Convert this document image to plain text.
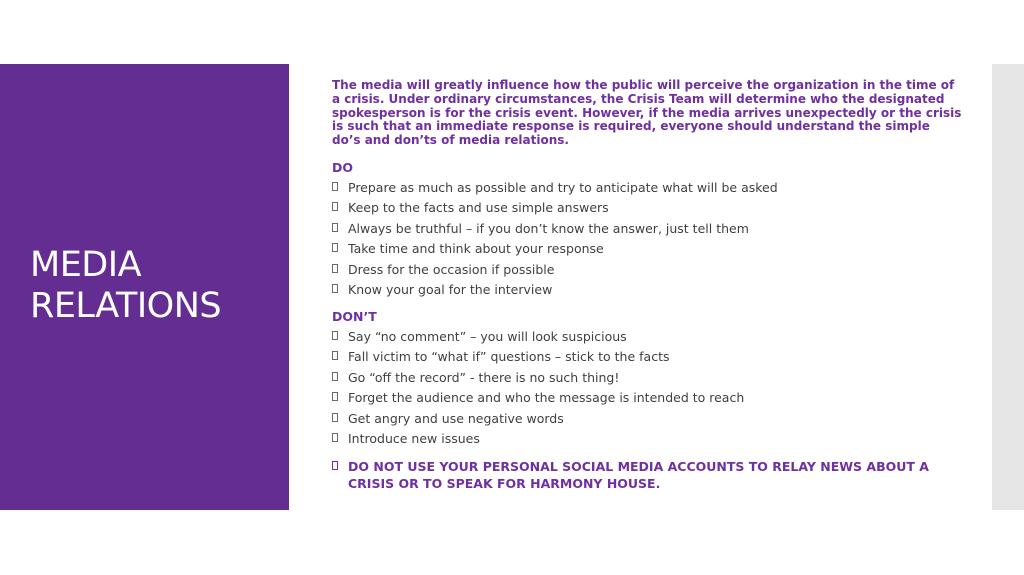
MEDIA
RELATIONS

The media will greatly influence how the public will perceive the organization in the time of a crisis. Under ordinary circumstances, the Crisis Team will determine who the designated spokesperson is for the crisis event. However, if the media arrives unexpectedly or the crisis is such that an immediate response is required, everyone should understand the simple do’s and don’ts of media relations.

DO
Prepare as much as possible and try to anticipate what will be asked
Keep to the facts and use simple answers
Always be truthful – if you don’t know the answer, just tell them
Take time and think about your response
Dress for the occasion if possible
Know your goal for the interview
DON’T
Say “no comment” – you will look suspicious
Fall victim to “what if” questions – stick to the facts
Go “off the record” - there is no such thing!
Forget the audience and who the message is intended to reach
Get angry and use negative words
Introduce new issues
DO NOT USE YOUR PERSONAL SOCIAL MEDIA ACCOUNTS TO RELAY NEWS ABOUT A CRISIS OR TO SPEAK FOR HARMONY HOUSE.
